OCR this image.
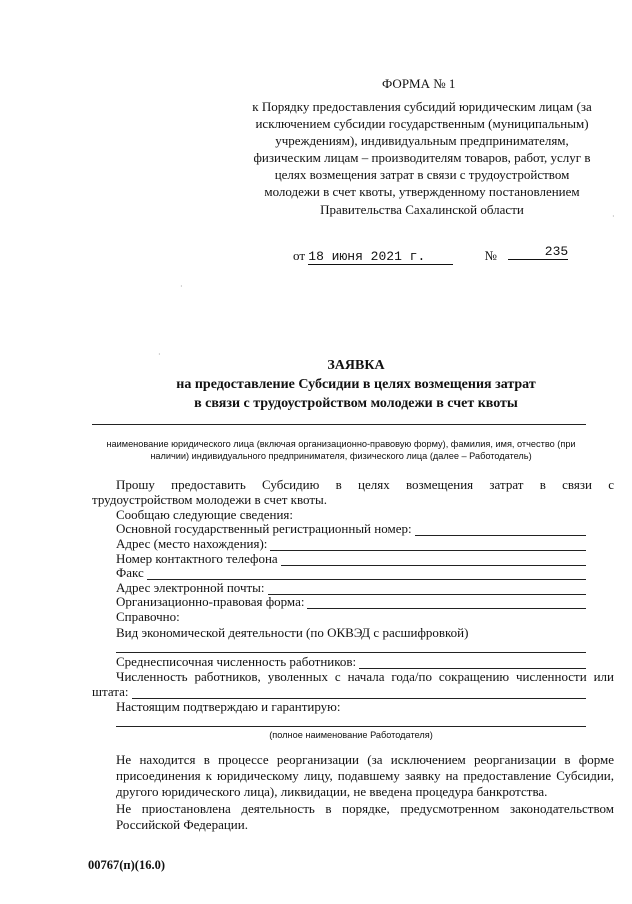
ФОРМА № 1
к Порядку предоставления субсидий юридическим лицам (за исключением субсидии государственным (муниципальным) учреждениям), индивидуальным предпринимателям, физическим лицам – производителям товаров, работ, услуг в целях возмещения затрат в связи с трудоустройством молодежи в счет квоты, утвержденному постановлением Правительства Сахалинской области
от 18 июня 2021 г.	№	235
ЗАЯВКА
на предоставление Субсидии в целях возмещения затрат
в связи с трудоустройством молодежи в счет квоты
наименование юридического лица (включая организационно-правовую форму), фамилия, имя, отчество (при наличии) индивидуального предпринимателя, физического лица (далее – Работодатель)
Прошу предоставить Субсидию в целях возмещения затрат в связи с
трудоустройством молодежи в счет квоты.
Сообщаю следующие сведения:
Основной государственный регистрационный номер:
Адрес (место нахождения):
Номер контактного телефона
Факс
Адрес электронной почты:
Организационно-правовая форма:
Справочно:
Вид экономической деятельности (по ОКВЭД с расшифровкой)
Среднесписочная численность работников:
Численность работников, уволенных с начала года/по сокращению численности или
штата:
Настоящим подтверждаю и гарантирую:
(полное наименование Работодателя)
Не находится в процессе реорганизации (за исключением реорганизации в форме присоединения к юридическому лицу, подавшему заявку на предоставление Субсидии, другого юридического лица), ликвидации, не введена процедура банкротства.
Не приостановлена деятельность в порядке, предусмотренном законодательством Российской Федерации.
00767(п)(16.0)
·
·
·
